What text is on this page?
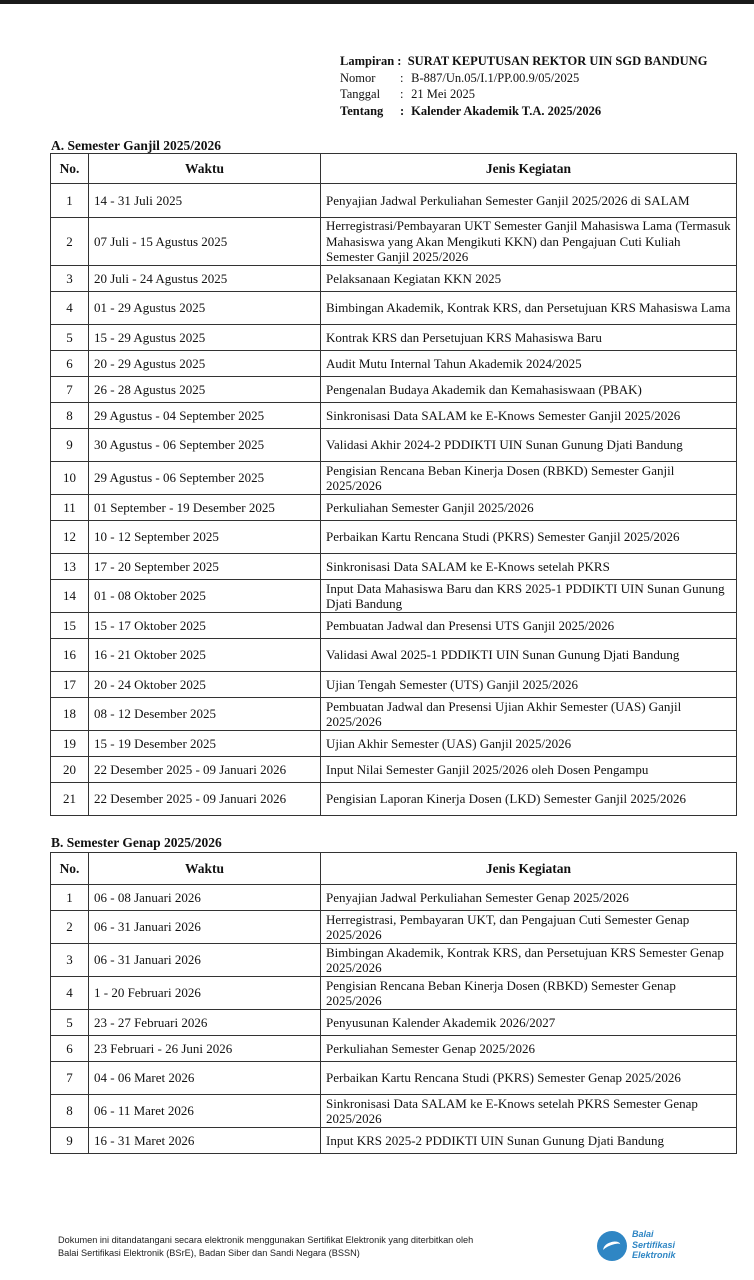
Lampiran : SURAT KEPUTUSAN REKTOR UIN SGD BANDUNG
Nomor : B-887/Un.05/I.1/PP.00.9/05/2025
Tanggal : 21 Mei 2025
Tentang : Kalender Akademik T.A. 2025/2026
A. Semester Ganjil 2025/2026
No.	Waktu	Jenis Kegiatan
1	14 - 31 Juli 2025	Penyajian Jadwal Perkuliahan Semester Ganjil 2025/2026 di SALAM
2	07 Juli - 15 Agustus 2025	Herregistrasi/Pembayaran UKT Semester Ganjil Mahasiswa Lama (Termasuk Mahasiswa yang Akan Mengikuti KKN) dan Pengajuan Cuti Kuliah Semester Ganjil 2025/2026
3	20 Juli - 24 Agustus 2025	Pelaksanaan Kegiatan KKN 2025
4	01 - 29 Agustus 2025	Bimbingan Akademik, Kontrak KRS, dan Persetujuan KRS Mahasiswa Lama
5	15 - 29 Agustus 2025	Kontrak KRS dan Persetujuan KRS Mahasiswa Baru
6	20 - 29 Agustus 2025	Audit Mutu Internal Tahun Akademik 2024/2025
7	26 - 28 Agustus 2025	Pengenalan Budaya Akademik dan Kemahasiswaan (PBAK)
8	29 Agustus - 04 September 2025	Sinkronisasi Data SALAM ke E-Knows Semester Ganjil 2025/2026
9	30 Agustus - 06 September 2025	Validasi Akhir 2024-2 PDDIKTI UIN Sunan Gunung Djati Bandung
10	29 Agustus - 06 September 2025	Pengisian Rencana Beban Kinerja Dosen (RBKD) Semester Ganjil 2025/2026
11	01 September - 19 Desember 2025	Perkuliahan Semester Ganjil 2025/2026
12	10 - 12 September 2025	Perbaikan Kartu Rencana Studi (PKRS) Semester Ganjil 2025/2026
13	17 - 20 September 2025	Sinkronisasi Data SALAM ke E-Knows setelah PKRS
14	01 - 08 Oktober 2025	Input Data Mahasiswa Baru dan KRS 2025-1 PDDIKTI UIN Sunan Gunung Djati Bandung
15	15 - 17 Oktober 2025	Pembuatan Jadwal dan Presensi UTS Ganjil 2025/2026
16	16 - 21 Oktober 2025	Validasi Awal 2025-1 PDDIKTI UIN Sunan Gunung Djati Bandung
17	20 - 24 Oktober 2025	Ujian Tengah Semester (UTS) Ganjil 2025/2026
18	08 - 12 Desember 2025	Pembuatan Jadwal dan Presensi Ujian Akhir Semester (UAS) Ganjil 2025/2026
19	15 - 19 Desember 2025	Ujian Akhir Semester (UAS) Ganjil 2025/2026
20	22 Desember 2025 - 09 Januari 2026	Input Nilai Semester Ganjil 2025/2026 oleh Dosen Pengampu
21	22 Desember 2025 - 09 Januari 2026	Pengisian Laporan Kinerja Dosen (LKD) Semester Ganjil 2025/2026
B. Semester Genap 2025/2026
No.	Waktu	Jenis Kegiatan
1	06 - 08 Januari 2026	Penyajian Jadwal Perkuliahan Semester Genap 2025/2026
2	06 - 31 Januari 2026	Herregistrasi, Pembayaran UKT, dan Pengajuan Cuti Semester Genap 2025/2026
3	06 - 31 Januari 2026	Bimbingan Akademik, Kontrak KRS, dan Persetujuan KRS Semester Genap 2025/2026
4	1 - 20 Februari 2026	Pengisian Rencana Beban Kinerja Dosen (RBKD) Semester Genap 2025/2026
5	23 - 27 Februari 2026	Penyusunan Kalender Akademik 2026/2027
6	23 Februari - 26 Juni 2026	Perkuliahan Semester Genap 2025/2026
7	04 - 06 Maret 2026	Perbaikan Kartu Rencana Studi (PKRS) Semester Genap 2025/2026
8	06 - 11 Maret 2026	Sinkronisasi Data SALAM ke E-Knows setelah PKRS Semester Genap 2025/2026
9	16 - 31 Maret 2026	Input KRS 2025-2 PDDIKTI UIN Sunan Gunung Djati Bandung
Dokumen ini ditandatangani secara elektronik menggunakan Sertifikat Elektronik yang diterbitkan oleh
Balai Sertifikasi Elektronik (BSrE), Badan Siber dan Sandi Negara (BSSN)
Balai
Sertifikasi
Elektronik
